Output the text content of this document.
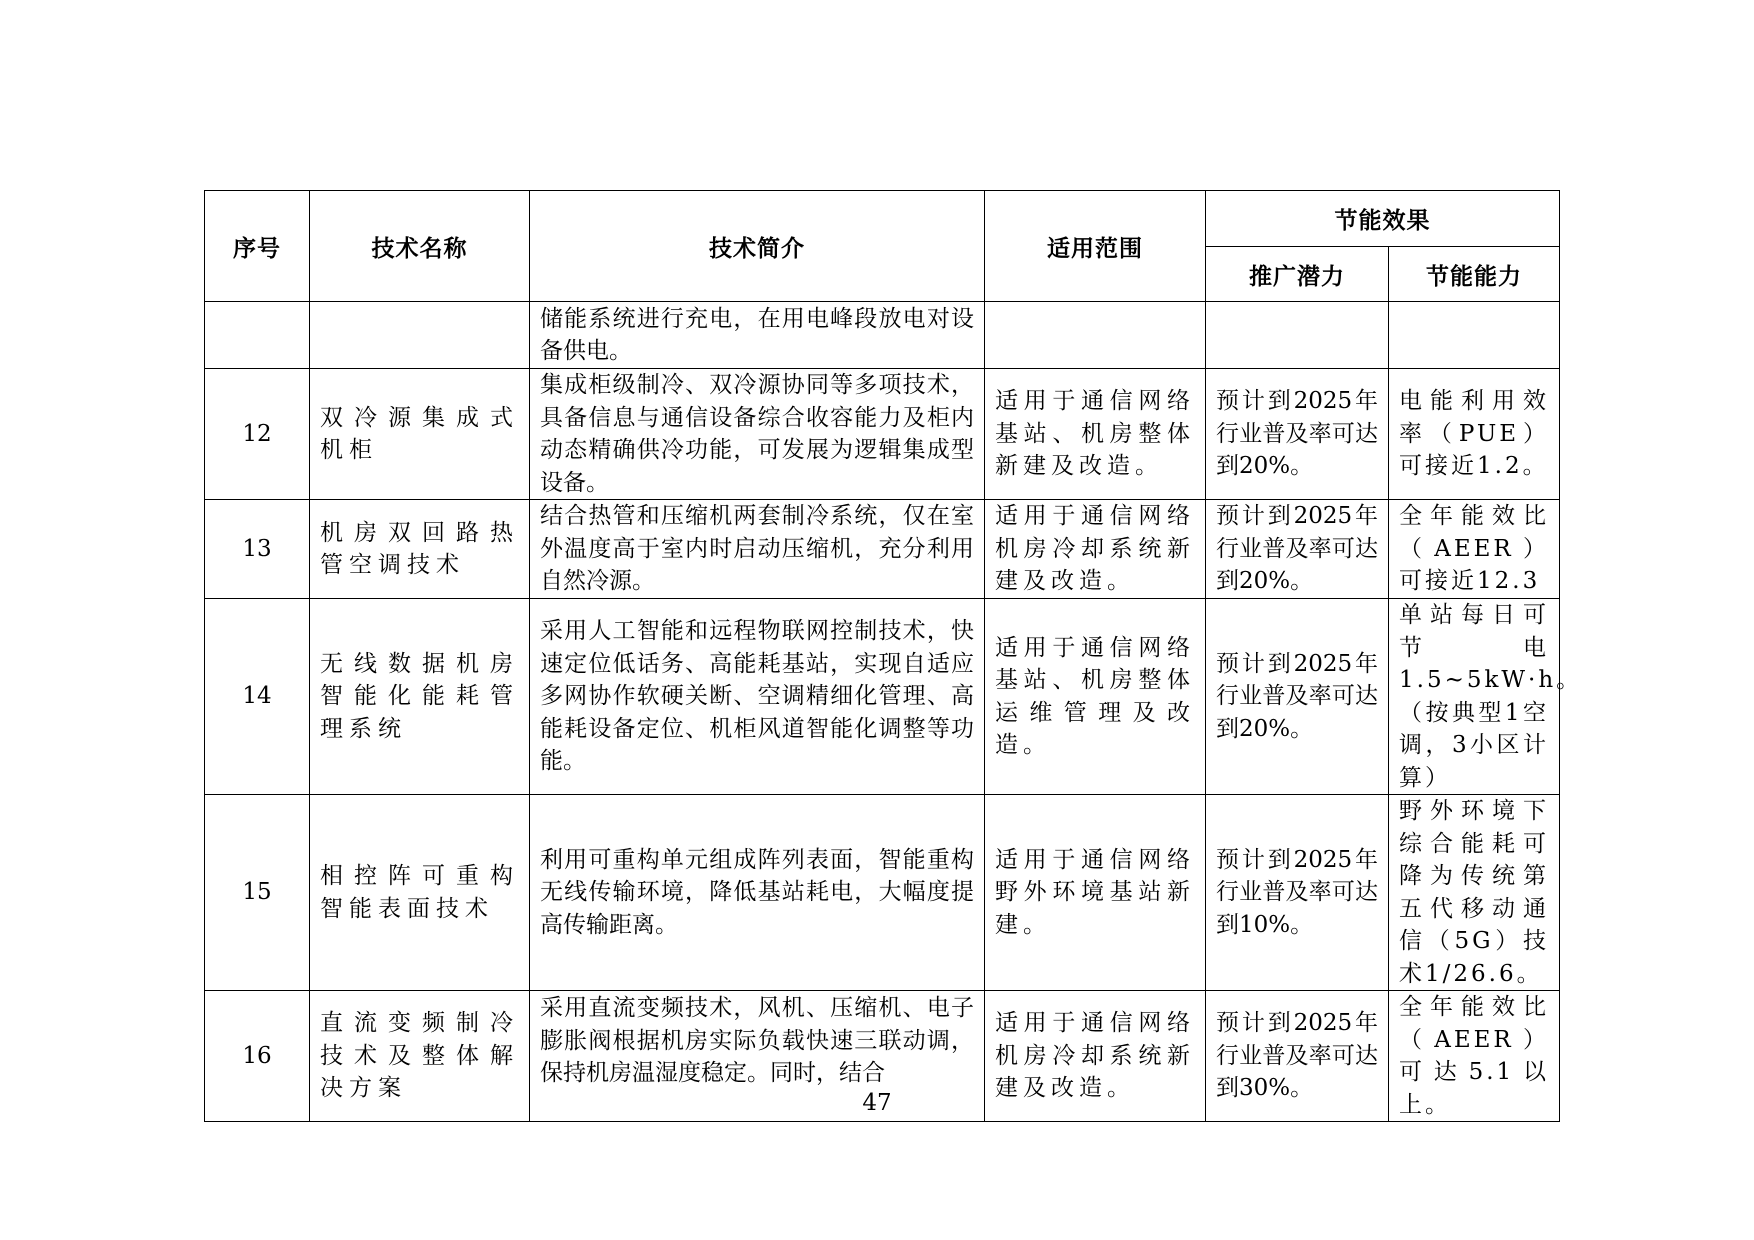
序号	技术名称	技术简介	适用范围	节能效果	
				推广潜力	节能能力
		储能系统进行充电，在用电峰段放电对设备供电。			
12	双冷源集成式机柜	集成柜级制冷、双冷源协同等多项技术，具备信息与通信设备综合收容能力及柜内动态精确供冷功能，可发展为逻辑集成型设备。	适用于通信网络基站、机房整体新建及改造。	预计到2025年行业普及率可达到20%。	电能利用效率（PUE）可接近1.2。
13	机房双回路热管空调技术	结合热管和压缩机两套制冷系统，仅在室外温度高于室内时启动压缩机，充分利用自然冷源。	适用于通信网络机房冷却系统新建及改造。	预计到2025年行业普及率可达到20%。	全年能效比（AEER）可接近12.3
14	无线数据机房智能化能耗管理系统	采用人工智能和远程物联网控制技术，快速定位低话务、高能耗基站，实现自适应多网协作软硬关断、空调精细化管理、高能耗设备定位、机柜风道智能化调整等功能。	适用于通信网络基站、机房整体运维管理及改造。	预计到2025年行业普及率可达到20%。	单站每日可节电 1.5~5kW·h。（按典型1空调，3小区计算）
15	相控阵可重构智能表面技术	利用可重构单元组成阵列表面，智能重构无线传输环境，降低基站耗电，大幅度提高传输距离。	适用于通信网络野外环境基站新建。	预计到2025年行业普及率可达到10%。	野外环境下综合能耗可降为传统第五代移动通信（5G）技术1/26.6。
16	直流变频制冷技术及整体解决方案	采用直流变频技术，风机、压缩机、电子膨胀阀根据机房实际负载快速三联动调，保持机房温湿度稳定。同时，结合	适用于通信网络机房冷却系统新建及改造。	预计到2025年行业普及率可达到30%。	全年能效比（AEER）可达5.1以上。
47
